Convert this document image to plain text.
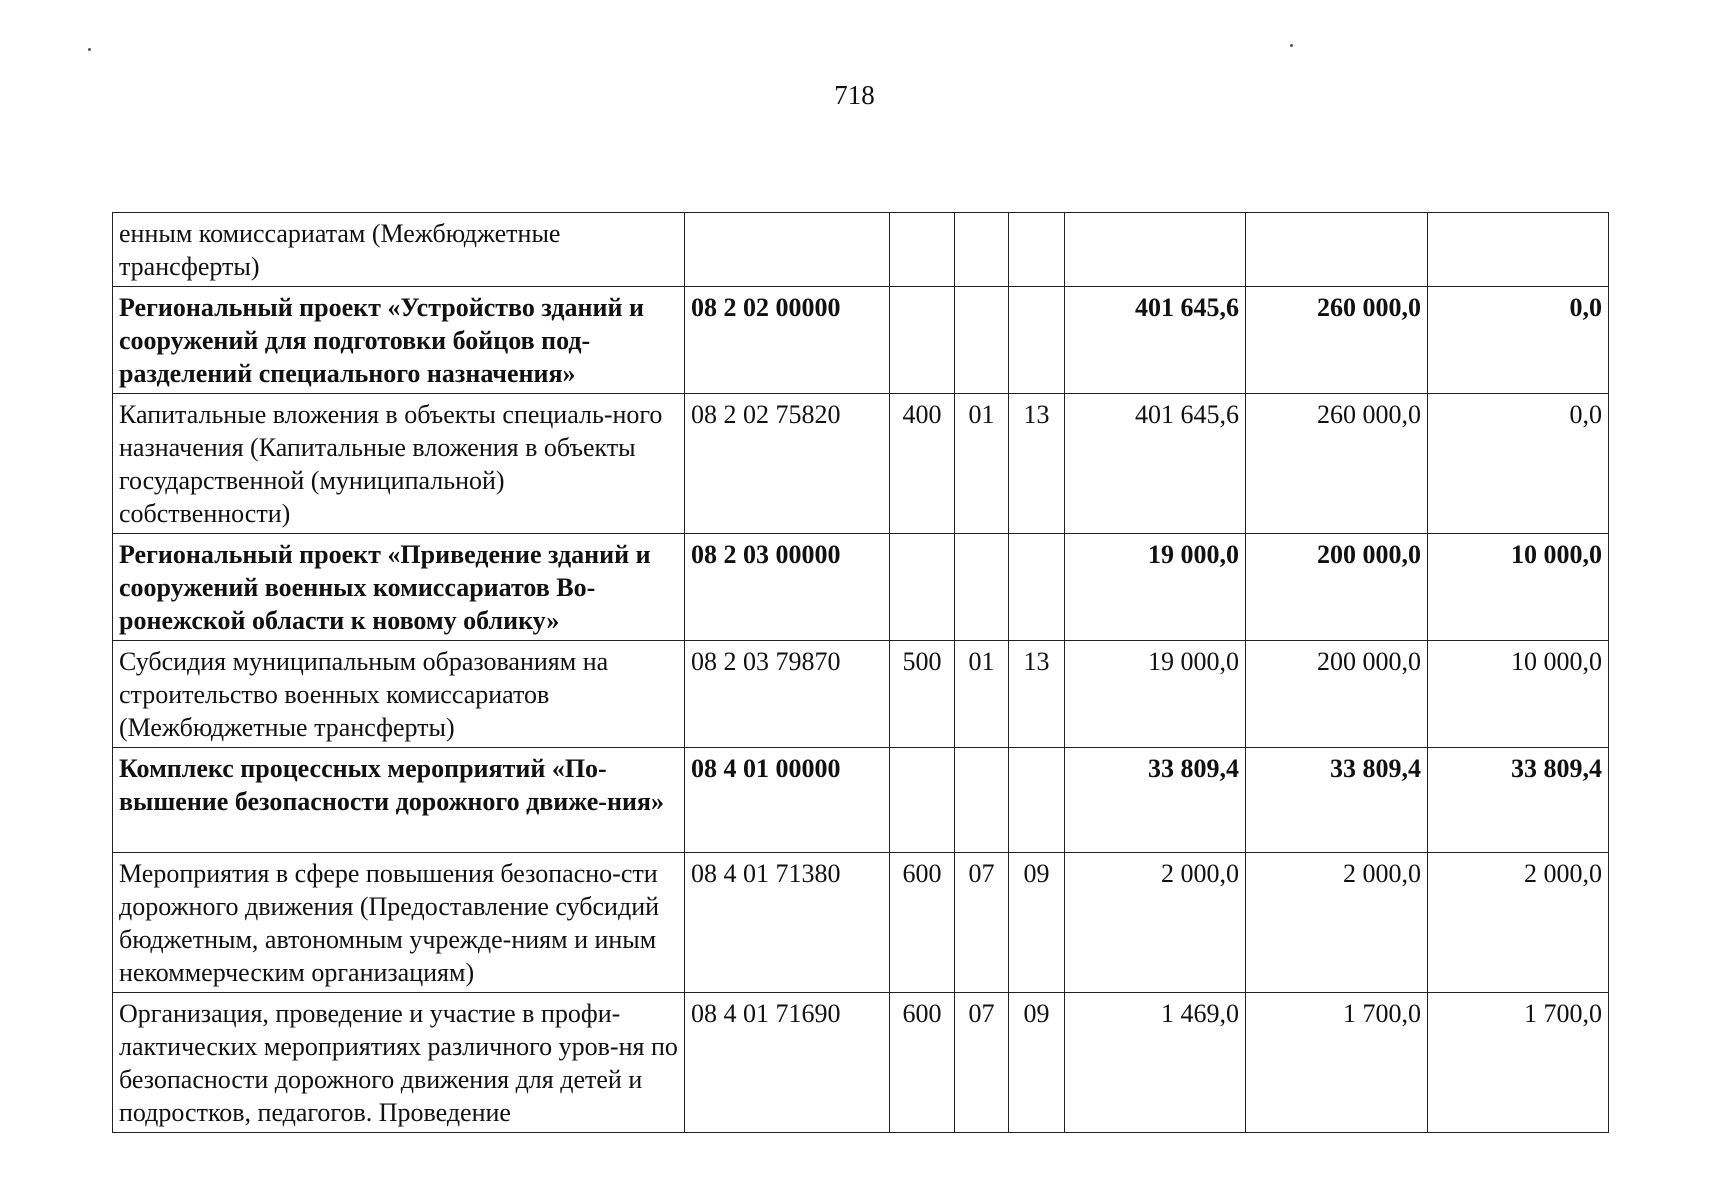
718
енным комиссариатам (Межбюджетные трансферты)							
Региональный проект «Устройство зданий и сооружений для подготовки бойцов под-разделений специального назначения»	08 2 02 00000				401 645,6	260 000,0	0,0
Капитальные вложения в объекты специаль-ного назначения (Капитальные вложения в объекты государственной (муниципальной) собственности)	08 2 02 75820	400	01	13	401 645,6	260 000,0	0,0
Региональный проект «Приведение зданий и сооружений военных комиссариатов Во-ронежской области к новому облику»	08 2 03 00000				19 000,0	200 000,0	10 000,0
Субсидия муниципальным образованиям на строительство военных комиссариатов (Межбюджетные трансферты)	08 2 03 79870	500	01	13	19 000,0	200 000,0	10 000,0
Комплекс процессных мероприятий «По-вышение безопасности дорожного движе-ния»	08 4 01 00000				33 809,4	33 809,4	33 809,4
Мероприятия в сфере повышения безопасно-сти дорожного движения (Предоставление субсидий бюджетным, автономным учрежде-ниям и иным некоммерческим организациям)	08 4 01 71380	600	07	09	2 000,0	2 000,0	2 000,0
Организация, проведение и участие в профи-лактических мероприятиях различного уров-ня по безопасности дорожного движения для детей и подростков, педагогов. Проведение	08 4 01 71690	600	07	09	1 469,0	1 700,0	1 700,0
